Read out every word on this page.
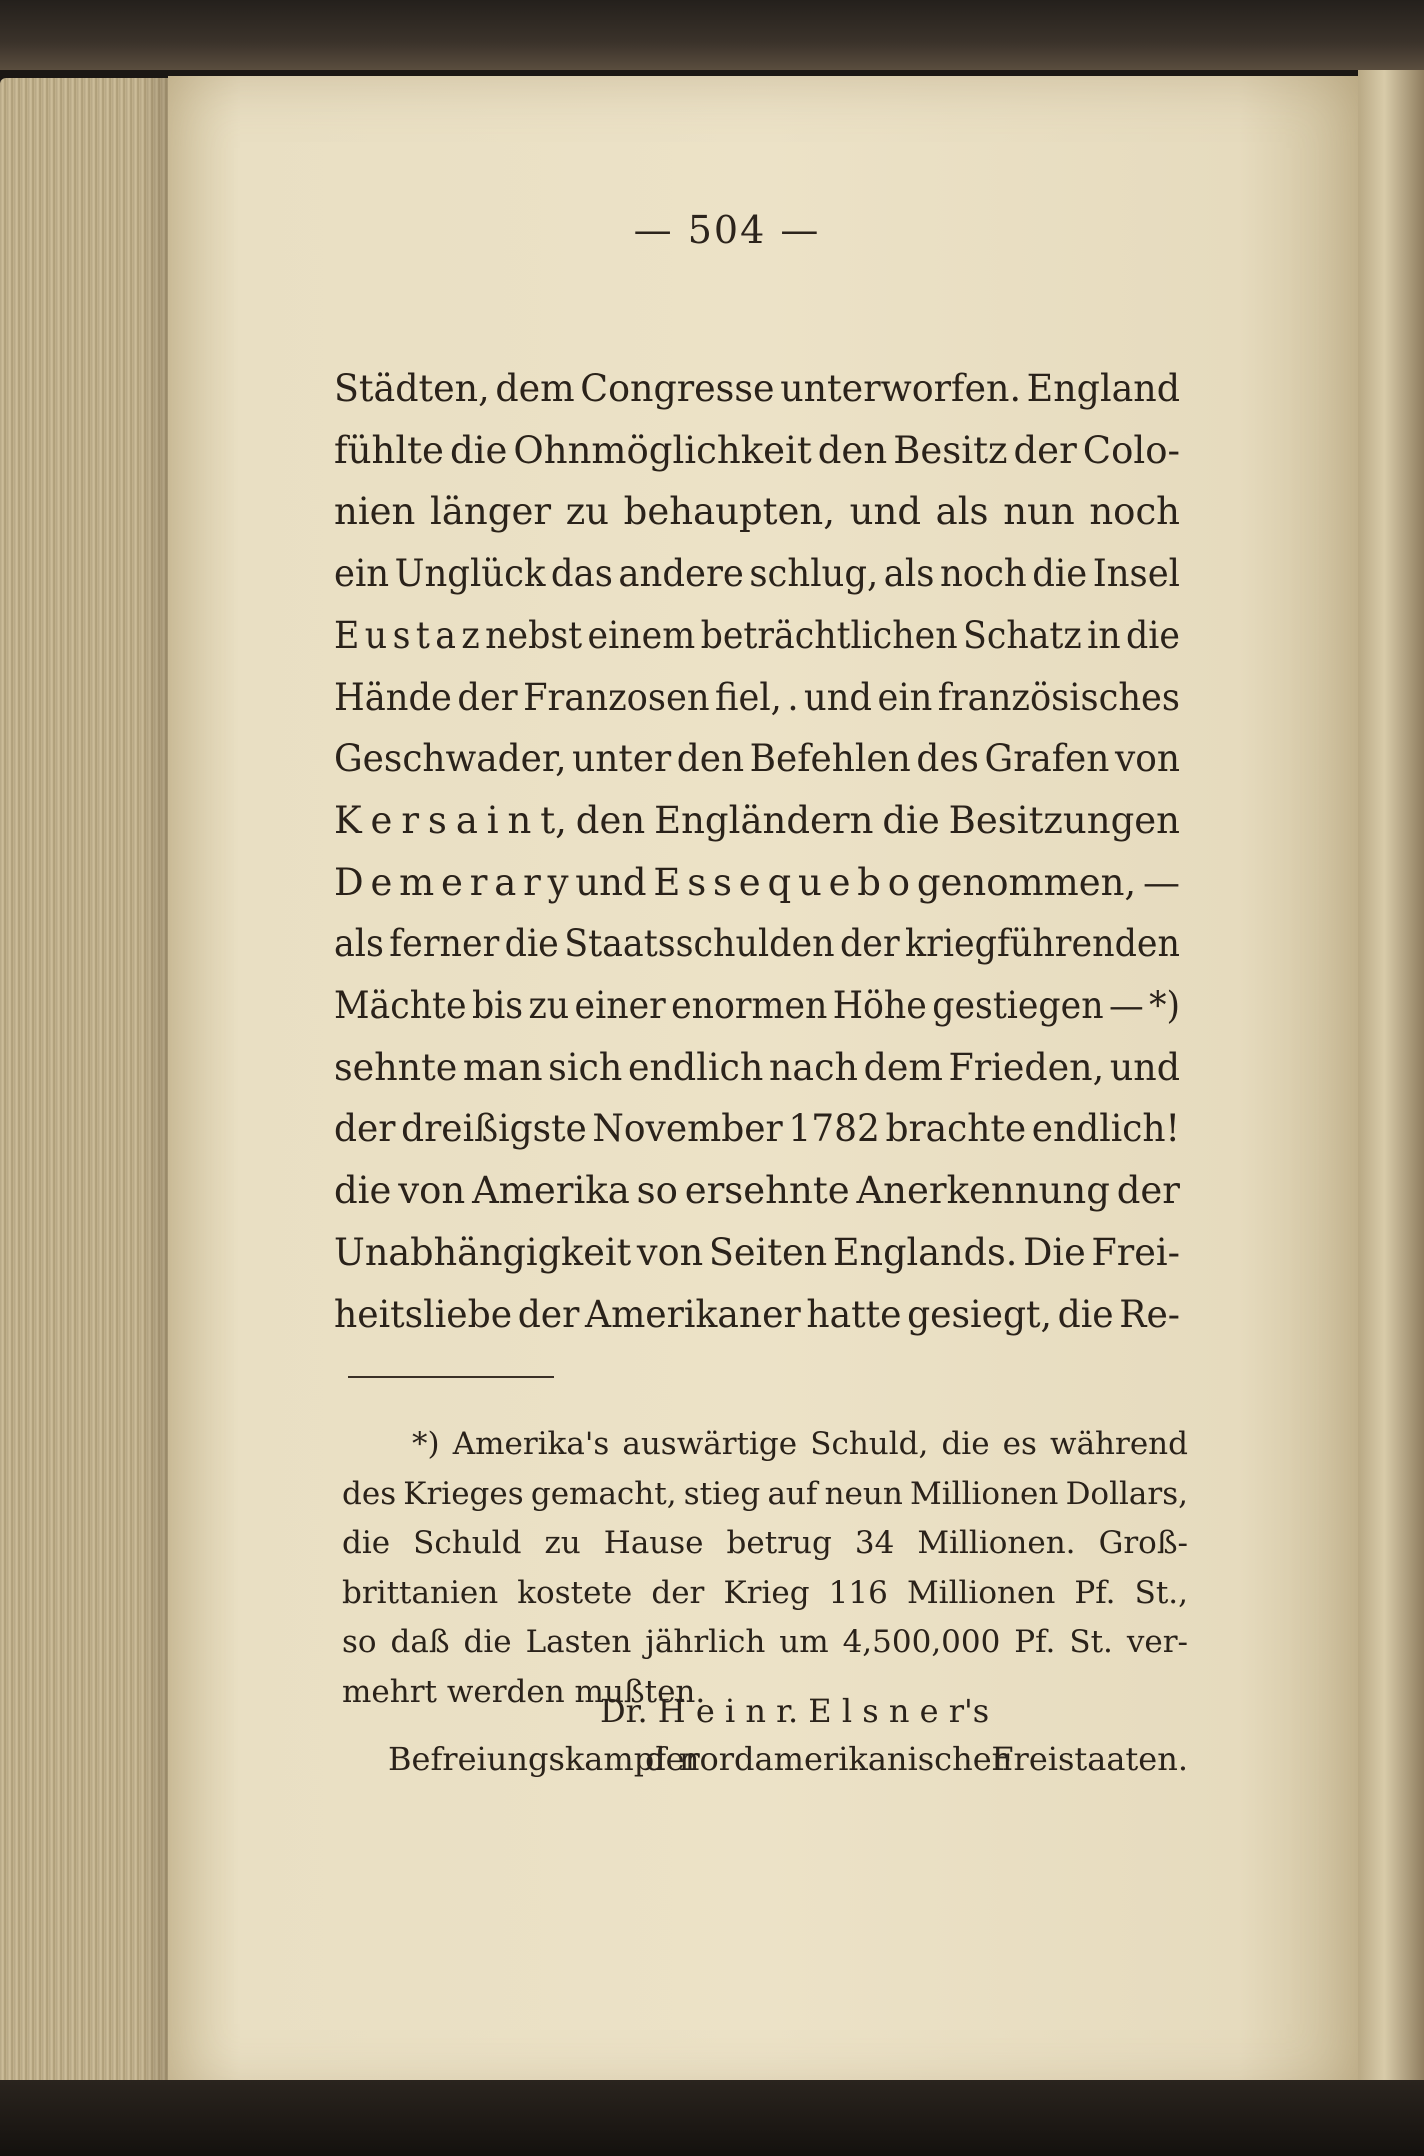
— 504 —
Städten, dem Congresse unterworfen. England
fühlte die Ohnmöglichkeit den Besitz der Colo-
nien länger zu behaupten, und als nun noch
ein Unglück das andere schlug, als noch die Insel
E u s t a z nebst einem beträchtlichen Schatz in die
Hände der Franzosen fiel, . und ein französisches
Geschwader, unter den Befehlen des Grafen von
K e r s a i n t, den Engländern die Besitzungen
D e m e r a r y und E s s e q u e b o genommen, —
als ferner die Staatsschulden der kriegführenden
Mächte bis zu einer enormen Höhe gestiegen — *)
sehnte man sich endlich nach dem Frieden, und
der dreißigste November 1782 brachte endlich!
die von Amerika so ersehnte Anerkennung der
Unabhängigkeit von Seiten Englands. Die Frei-
heitsliebe der Amerikaner hatte gesiegt, die Re-
*) Amerika's auswärtige Schuld, die es während
des Krieges gemacht, stieg auf neun Millionen Dollars,
die Schuld zu Hause betrug 34 Millionen. Groß-
brittanien kostete der Krieg 116 Millionen Pf. St.,
so daß die Lasten jährlich um 4,500,000 Pf. St. ver-
mehrt werden mußten.
Dr. H e i n r. E l s n e r's
Befreiungskampf der nordamerikanischen Freistaaten.
